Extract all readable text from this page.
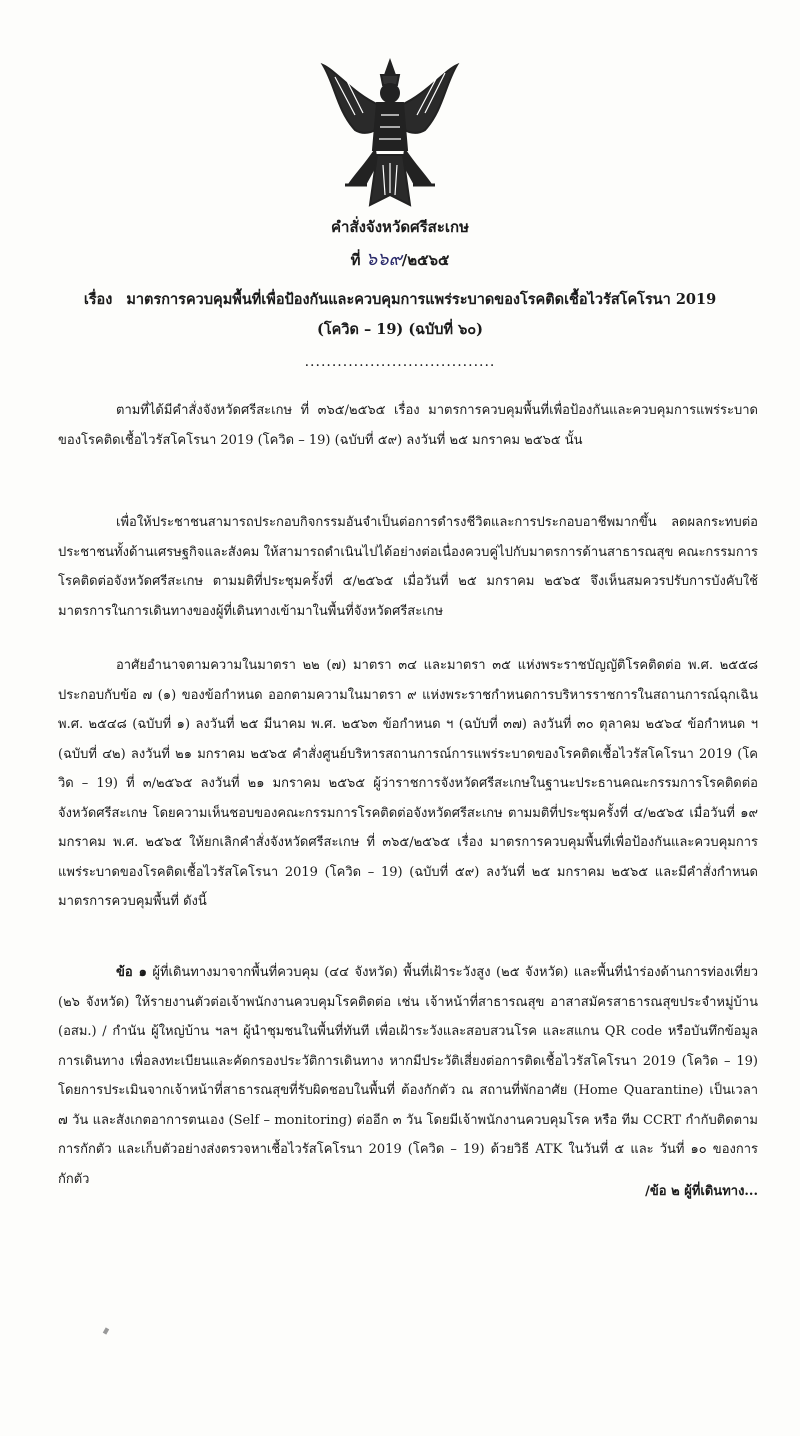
คำสั่งจังหวัดศรีสะเกษ
ที่ ๖๖๙/๒๕๖๕
เรื่อง มาตรการควบคุมพื้นที่เพื่อป้องกันและควบคุมการแพร่ระบาดของโรคติดเชื้อไวรัสโคโรนา 2019
(โควิด – 19) (ฉบับที่ ๖๐)
...................................

ตามที่ได้มีคำสั่งจังหวัดศรีสะเกษ ที่ ๓๖๕/๒๕๖๕ เรื่อง มาตรการควบคุมพื้นที่เพื่อป้องกันและควบคุมการแพร่ระบาดของโรคติดเชื้อไวรัสโคโรนา 2019 (โควิด – 19) (ฉบับที่ ๕๙) ลงวันที่ ๒๕ มกราคม ๒๕๖๕ นั้น

เพื่อให้ประชาชนสามารถประกอบกิจกรรมอันจำเป็นต่อการดำรงชีวิตและการประกอบอาชีพมากขึ้น ลดผลกระทบต่อประชาชนทั้งด้านเศรษฐกิจและสังคม ให้สามารถดำเนินไปได้อย่างต่อเนื่องควบคู่ไปกับมาตรการด้านสาธารณสุข คณะกรรมการโรคติดต่อจังหวัดศรีสะเกษ ตามมติที่ประชุมครั้งที่ ๕/๒๕๖๕ เมื่อวันที่ ๒๕ มกราคม ๒๕๖๕ จึงเห็นสมควรปรับการบังคับใช้มาตรการในการเดินทางของผู้ที่เดินทางเข้ามาในพื้นที่จังหวัดศรีสะเกษ

อาศัยอำนาจตามความในมาตรา ๒๒ (๗) มาตรา ๓๔ และมาตรา ๓๕ แห่งพระราชบัญญัติโรคติดต่อ พ.ศ. ๒๕๕๘ ประกอบกับข้อ ๗ (๑) ของข้อกำหนด ออกตามความในมาตรา ๙ แห่งพระราชกำหนดการบริหารราชการในสถานการณ์ฉุกเฉิน พ.ศ. ๒๕๔๘ (ฉบับที่ ๑) ลงวันที่ ๒๕ มีนาคม พ.ศ. ๒๕๖๓ ข้อกำหนด ฯ (ฉบับที่ ๓๗) ลงวันที่ ๓๐ ตุลาคม ๒๕๖๔ ข้อกำหนด ฯ (ฉบับที่ ๔๒) ลงวันที่ ๒๑ มกราคม ๒๕๖๕ คำสั่งศูนย์บริหารสถานการณ์การแพร่ระบาดของโรคติดเชื้อไวรัสโคโรนา 2019 (โควิด – 19) ที่ ๓/๒๕๖๕ ลงวันที่ ๒๑ มกราคม ๒๕๖๕ ผู้ว่าราชการจังหวัดศรีสะเกษในฐานะประธานคณะกรรมการโรคติดต่อจังหวัดศรีสะเกษ โดยความเห็นชอบของคณะกรรมการโรคติดต่อจังหวัดศรีสะเกษ ตามมติที่ประชุมครั้งที่ ๔/๒๕๖๕ เมื่อวันที่ ๑๙ มกราคม พ.ศ. ๒๕๖๕ ให้ยกเลิกคำสั่งจังหวัดศรีสะเกษ ที่ ๓๖๕/๒๕๖๕ เรื่อง มาตรการควบคุมพื้นที่เพื่อป้องกันและควบคุมการแพร่ระบาดของโรคติดเชื้อไวรัสโคโรนา 2019 (โควิด – 19) (ฉบับที่ ๕๙) ลงวันที่ ๒๕ มกราคม ๒๕๖๕ และมีคำสั่งกำหนดมาตรการควบคุมพื้นที่ ดังนี้

ข้อ ๑ ผู้ที่เดินทางมาจากพื้นที่ควบคุม (๔๔ จังหวัด) พื้นที่เฝ้าระวังสูง (๒๕ จังหวัด) และพื้นที่นำร่องด้านการท่องเที่ยว (๒๖ จังหวัด) ให้รายงานตัวต่อเจ้าพนักงานควบคุมโรคติดต่อ เช่น เจ้าหน้าที่สาธารณสุข อาสาสมัครสาธารณสุขประจำหมู่บ้าน (อสม.) / กำนัน ผู้ใหญ่บ้าน ฯลฯ ผู้นำชุมชนในพื้นที่ทันที เพื่อเฝ้าระวังและสอบสวนโรค และสแกน QR code หรือบันทึกข้อมูลการเดินทาง เพื่อลงทะเบียนและคัดกรองประวัติการเดินทาง หากมีประวัติเสี่ยงต่อการติดเชื้อไวรัสโคโรนา 2019 (โควิด – 19) โดยการประเมินจากเจ้าหน้าที่สาธารณสุขที่รับผิดชอบในพื้นที่ ต้องกักตัว ณ สถานที่พักอาศัย (Home Quarantine) เป็นเวลา ๗ วัน และสังเกตอาการตนเอง (Self – monitoring) ต่ออีก ๓ วัน โดยมีเจ้าพนักงานควบคุมโรค หรือ ทีม CCRT กำกับติดตามการกักตัว และเก็บตัวอย่างส่งตรวจหาเชื้อไวรัสโคโรนา 2019 (โควิด – 19) ด้วยวิธี ATK ในวันที่ ๕ และ วันที่ ๑๐ ของการกักตัว

/ข้อ ๒ ผู้ที่เดินทาง...
